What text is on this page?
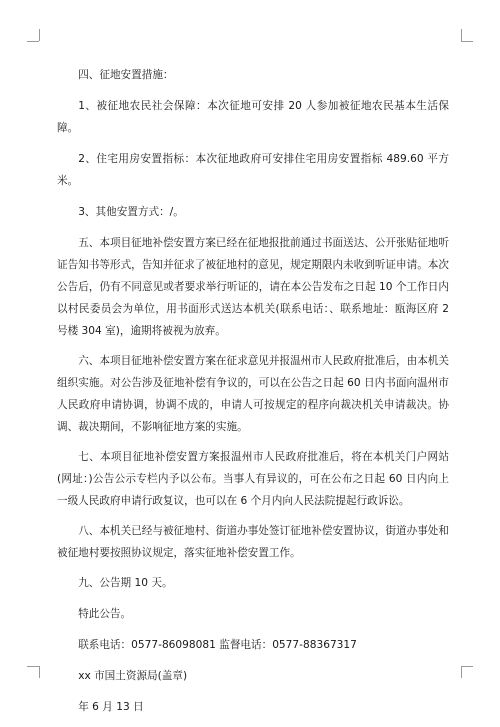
四、征地安置措施：

1、被征地农民社会保障：本次征地可安排 20 人参加被征地农民基本生活保障。

2、住宅用房安置指标：本次征地政府可安排住宅用房安置指标 489.60 平方米。

3、其他安置方式：/。

五、本项目征地补偿安置方案已经在征地报批前通过书面送达、公开张贴征地听证告知书等形式，告知并征求了被征地村的意见，规定期限内未收到听证申请。本次公告后，仍有不同意见或者要求举行听证的，请在本公告发布之日起 10 个工作日内以村民委员会为单位，用书面形式送达本机关(联系电话：、联系地址：瓯海区府 2 号楼 304 室)，逾期将被视为放弃。

六、本项目征地补偿安置方案在征求意见并报温州市人民政府批准后，由本机关组织实施。对公告涉及征地补偿有争议的，可以在公告之日起 60 日内书面向温州市人民政府申请协调，协调不成的，申请人可按规定的程序向裁决机关申请裁决。协调、裁决期间，不影响征地方案的实施。

七、本项目征地补偿安置方案报温州市人民政府批准后，将在本机关门户网站(网址：)公告公示专栏内予以公布。当事人有异议的，可在公布之日起 60 日内向上一级人民政府申请行政复议，也可以在 6 个月内向人民法院提起行政诉讼。

八、本机关已经与被征地村、街道办事处签订征地补偿安置协议，街道办事处和被征地村要按照协议规定，落实征地补偿安置工作。

九、公告期 10 天。

特此公告。

联系电话：0577-86098081 监督电话：0577-88367317

xx 市国土资源局(盖章)

年 6 月 13 日
